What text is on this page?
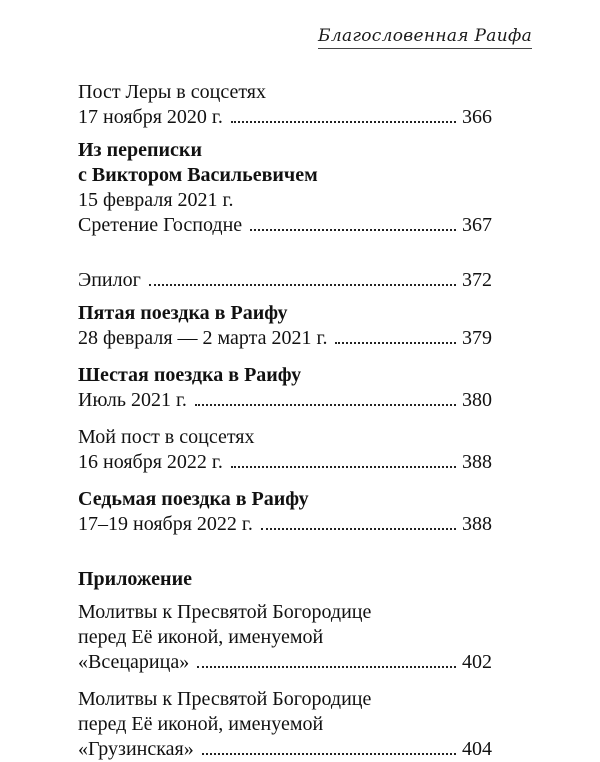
Благословенная Раифа
Пост Леры в соцсетях
17 ноября 2020 г.	366
Из переписки
с Виктором Васильевичем
15 февраля 2021 г.
Сретение Господне	367
Эпилог	372
Пятая поездка в Раифу
28 февраля — 2 марта 2021 г.	379
Шестая поездка в Раифу
Июль 2021 г.	380
Мой пост в соцсетях
16 ноября 2022 г.	388
Седьмая поездка в Раифу
17–19 ноября 2022 г.	388
Приложение
Молитвы к Пресвятой Богородице
перед Её иконой, именуемой
«Всецарица»	402
Молитвы к Пресвятой Богородице
перед Её иконой, именуемой
«Грузинская»	404
